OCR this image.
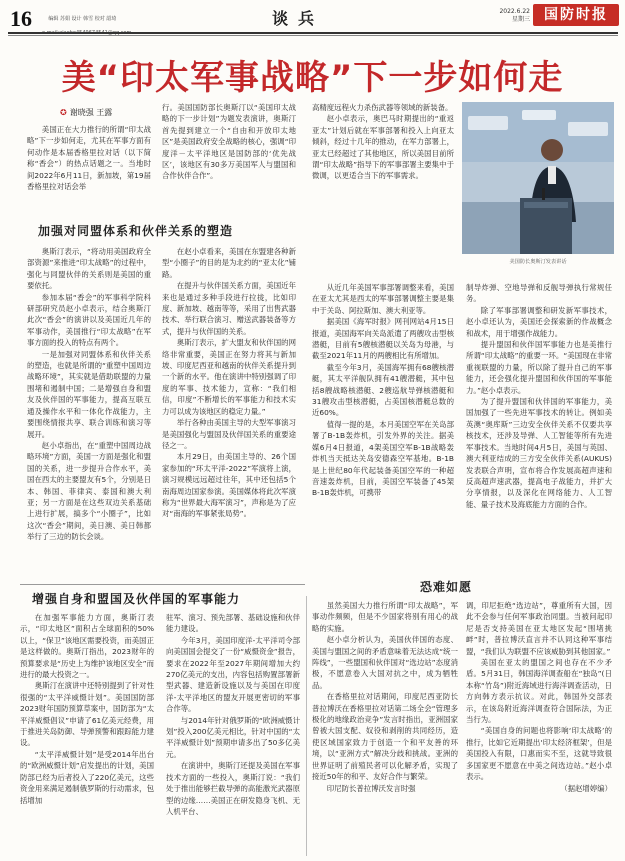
16	编辑 苏娟 设计 韩雪 校对 韶琦

	谈兵	2022.6.22
星期三	国防时报
美“印太军事战略”下一步如何走
✪ 谢晓强 王露

美国正在大力推行的所谓“印太战略”下一步如何走，尤其在军事方面有何动作是本届香格里拉对话（以下简称“香会”）的热点话题之一。当地时间2022年6月11日，新加坡，第19届香格里拉对话会举

行。美国国防部长奥斯汀以“美国印太战略的下一步计划”为题发表演讲，奥斯汀首先提到建立一个“自由和开放印太地区”是美国政府安全战略的核心，强调“印度洋－太平洋地区是国防部的‘优先战区’，该地区有30多万美国军人与盟国和合作伙伴合作”。

加强对同盟体系和伙伴关系的塑造

奥斯汀表示，“将动用美国政府全部资源”来推进“印太战略”的过程中，强化与同盟伙伴的关系则是美国的重要依托。

参加本届“香会”的军事科学院科研部研究员赵小卓表示，结合奥斯汀此次“香会”的演讲以及美国近几年的军事动作，美国推行“印太战略”在军事方面的投入的特点有两个。

一是加强对同盟体系和伙伴关系的塑造，也就是所谓的“重塑中国周边战略环境”，其实就是借助联盟的力量围堵和遏制中国；二是增强自身和盟友及伙伴国的军事能力，提高互联互通及操作水平和一体化作战能力，主要围绕情报共享、联合训练和演习等展开。

赵小卓指出，在“重塑中国周边战略环境”方面，美国一方面是强化和盟国的关系，进一步提升合作水平，美国在西太的主要盟友有5个，分别是日本、韩国、菲律宾、泰国和澳大利亚；另一方面是在这些双边关系基础上进行扩展，搞多个“小圈子”，比如这次“香会”期间，美日澳、美日韩都举行了三边的防长会谈。

在赵小卓看来，美国在东盟建各种新型“小圈子”的目的是为北约的“亚太化”铺路。

在提升与伙伴国关系方面，美国近年来也是通过多种手段进行拉拢，比如印度、新加坡、越南等等，采用了出售武器技术、举行联合演习、赠送武器装备等方式，提升与伙伴国的关系。

奥斯汀表示，扩大盟友和伙伴国的网络非常重要，美国正在努力将其与新加坡、印度尼西亚和越南的伙伴关系提升到一个新的水平。他在演讲中特别强调了印度的军事、技术能力，宣称：“我们相信，印度”不断增长的军事能力和技术实力可以成为该地区的稳定力量。”

举行各种由美国主导的大型军事演习是美国强化与盟国及伙伴国关系的重要途径之一。

本月29日，由美国主导的、26个国家参加的“环太平洋-2022”军演将上演，演习规模远远超过往年，其中还包括5个南海周边国家参演。美国媒体将此次军演称为“世界最大海军演习”，声称是为了应对“南海的军事紧张局势”。

高精度远程火力杀伤武器等领域的新装备。

赵小卓表示，奥巴马时期提出的“重返亚太”计划后就在军事部署和投入上向亚太倾斜，经过十几年的推动，在军力部署上，亚太已经超过了其他地区，所以美国目前所谓“印太战略”指导下的军事部署主要集中于微调，以更适合当下的军事需求。

从近几年美国军事部署调整来看，美国在亚太尤其是西太的军事部署调整主要是集中于关岛、阿拉斯加、澳大利亚等。

据美国《海军时报》网刊网站4月15日报道，美国海军向关岛派遣了两艘攻击型核潜艇，目前有5艘核潜艇以关岛为母港，与截至2021年11月的两艘相比有所增加。

截至今年3月，美国海军拥有68艘核潜艇，其太平洋舰队拥有41艘潜艇，其中包括8艘战略核潜艇、2艘巡航导弹核潜艇和31艘攻击型核潜艇，占美国核潜艇总数的近60%。

值得一提的是，本月美国空军在关岛部署了B-1B轰炸机，引发外界的关注。据美媒6月4日报道，4架美国空军B-1B战略轰炸机当天抵达关岛安德森空军基地。B-1B是上世纪80年代起装备美国空军的一种超音速轰炸机，目前，美国空军装备了45架B-1B轰炸机，可携带

美国防长奥斯汀发表讲话

制导炸弹、空地导弹和反舰导弹执行常规任务。

除了军事部署调整和研发新军事技术，赵小卓还认为，美国还会探索新的作战概念和战术，用于增强作战能力。

提升盟国和伙伴国军事能力也是美推行所谓“印太战略”的重要一环。“美国现在非常重视联盟的力量，所以除了提升自己的军事能力，还会强化提升盟国和伙伴国的军事能力。”赵小卓表示。

为了提升盟国和伙伴国的军事能力，美国加强了一些先进军事技术的转让。例如美英澳“奥库斯”三边安全伙伴关系不仅要共享核技术，还涉及导弹、人工智能等所有先进军事技术。当地时间4月5日，美国与英国、澳大利亚结成的三方安全伙伴关系(AUKUS)发表联合声明，宣布将合作发展高超声速和反高超声速武器，提高电子战能力，并扩大分享情报，以及深化在网络能力、人工智能、量子技术及海底能力方面的合作。

增强自身和盟国及伙伴国的军事能力
恐难如愿

在加强军事能力方面，奥斯汀表示，“印太地区”面积占全球面积的50%以上，“保卫”该地区需要投资，而美国正是这样做的。奥斯汀指出，2023财年的预算要求是“历史上为维护该地区安全”而进行的最大投资之一。

奥斯汀在演讲中还特别提到了针对性很强的“太平洋威慑计划”。美国国防部2023财年国防预算草案中，国防部为“太平洋威慑倡议”申请了61亿美元经费，用于推进关岛防御、导弹预警和跟踪能力建设。

“太平洋威慑计划”是受2014年出台的“欧洲威慑计划”启发提出的计划，美国防部已经为后者投入了220亿美元，这些资金用来满足遏制俄罗斯的行动需求，包括增加

驻军、演习、预先部署、基础设施和伙伴能力建设。

今年3月，美国印度洋-太平洋司令部向美国国会提交了一份“威慑资金”报告，要求在2022年至2027年期间增加大约270亿美元的支出，内容包括购置部署新型武器、建造新设施以及与美国在印度洋-太平洋地区的盟友开展更密切的军事合作等。

与2014年针对俄罗斯的“欧洲威慑计划”投入200亿美元相比，针对中国的“太平洋威慑计划”预期申请多出了50多亿美元。

在演讲中，奥斯汀还提及美国在军事技术方面的一些投入，奥斯汀说：“我们处于推出能够拦截导弹的高能激光武器原型的边缘……美国正在研发隐身飞机、无人机平台、

虽然美国大力推行所谓“印太战略”，军事动作频频，但是不少国家将别有用心的战略的实施。

赵小卓分析认为，美国伙伴国的态度、美国与盟国之间的矛盾意味着无法达成“统一阵线”，一些盟国和伙伴国对“选边站”态度消极，不愿意卷入大国对抗之中，成为牺牲品。

在香格里拉对话期间，印度尼西亚防长普拉博沃在香格里拉对话第二场全会“管理多极化的地缘政治竞争”发言时指出，亚洲国家曾被大国支配、奴役和剥削的共同经历，造使区域国家致力于创造一个和平友善的环境，以“亚洲方式”解决分歧和挑战。亚洲的世界证明了前殖民者可以化解矛盾，实现了接近50年的和平、友好合作与繁荣。

印尼防长普拉博沃发言时强

调，印尼拒绝“选边站”，尊重所有大国，因此不会参与任何军事政治同盟。当被问起印尼是否支持美国在亚太地区发起“围堵挑衅”时，普拉博沃直言并不认同这种军事结盟，“我们认为联盟不应该威胁到其他国家。”

美国在亚太的盟国之间也存在不少矛盾。5月31日，韩国海洋调查船在“独岛”(日本称“竹岛”)附近海域进行海洋调查活动，日方向韩方表示抗议。对此，韩国外交部表示，在该岛附近海洋调查符合国际法，为正当行为。

“美国自身的问题也将影响‘印太战略’的推行，比如它近期提出‘印太经济框架’，但是美国投入有限，口惠而实不至，这就导致很多国家更不愿意在中美之间选边站。”赵小卓表示。

（据赵增婷编）
